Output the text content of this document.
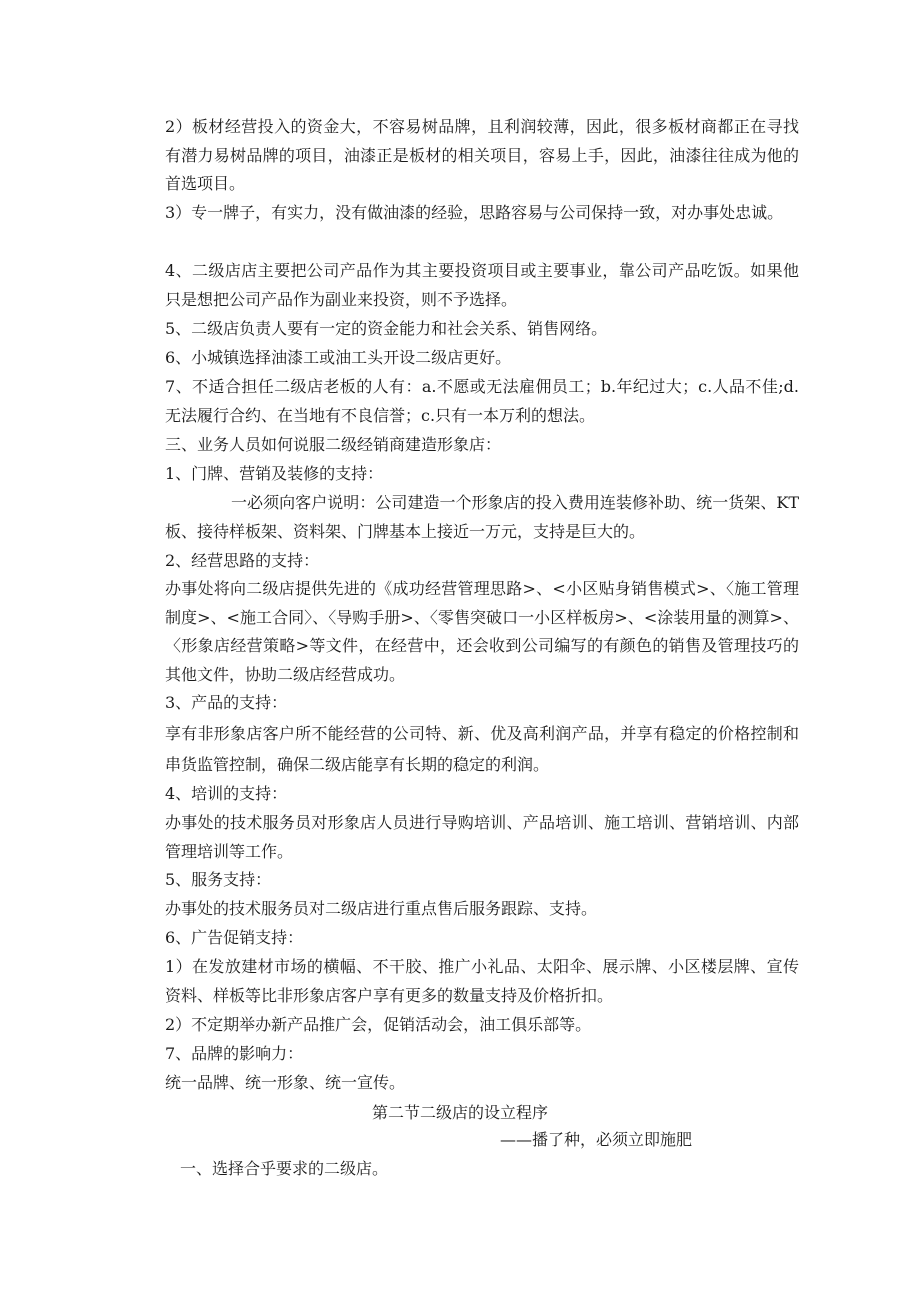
2）板材经营投入的资金大，不容易树品牌，且利润较薄，因此，很多板材商都正在寻找有潜力易树品牌的项目，油漆正是板材的相关项目，容易上手，因此，油漆往往成为他的首选项目。

3）专一牌子，有实力，没有做油漆的经验，思路容易与公司保持一致，对办事处忠诚。

4、二级店店主要把公司产品作为其主要投资项目或主要事业，靠公司产品吃饭。如果他只是想把公司产品作为副业来投资，则不予选择。

5、二级店负责人要有一定的资金能力和社会关系、销售网络。

6、小城镇选择油漆工或油工头开设二级店更好。

7、不适合担任二级店老板的人有：a.不愿或无法雇佣员工；b.年纪过大；c.人品不佳;d.无法履行合约、在当地有不良信誉；c.只有一本万利的想法。

三、业务人员如何说服二级经销商建造形象店：

1、门牌、营销及装修的支持：

一必须向客户说明：公司建造一个形象店的投入费用连装修补助、统一货架、KT板、接待样板架、资料架、门牌基本上接近一万元，支持是巨大的。

2、经营思路的支持：

办事处将向二级店提供先进的《成功经营管理思路>、<小区贴身销售模式>、〈施工管理制度>、<施工合同〉、〈导购手册>、〈零售突破口一小区样板房>、<涂装用量的测算>、〈形象店经营策略>等文件，在经营中，还会收到公司编写的有颜色的销售及管理技巧的其他文件，协助二级店经营成功。

3、产品的支持：

享有非形象店客户所不能经营的公司特、新、优及高利润产品，并享有稳定的价格控制和串货监管控制，确保二级店能享有长期的稳定的利润。

4、培训的支持：

办事处的技术服务员对形象店人员进行导购培训、产品培训、施工培训、营销培训、内部管理培训等工作。

5、服务支持：

办事处的技术服务员对二级店进行重点售后服务跟踪、支持。

6、广告促销支持：

1）在发放建材市场的横幅、不干胶、推广小礼品、太阳伞、展示牌、小区楼层牌、宣传资料、样板等比非形象店客户享有更多的数量支持及价格折扣。

2）不定期举办新产品推广会，促销活动会，油工俱乐部等。

7、品牌的影响力：

统一品牌、统一形象、统一宣传。

第二节二级店的设立程序
——播了种，必须立即施肥
一、选择合乎要求的二级店。
